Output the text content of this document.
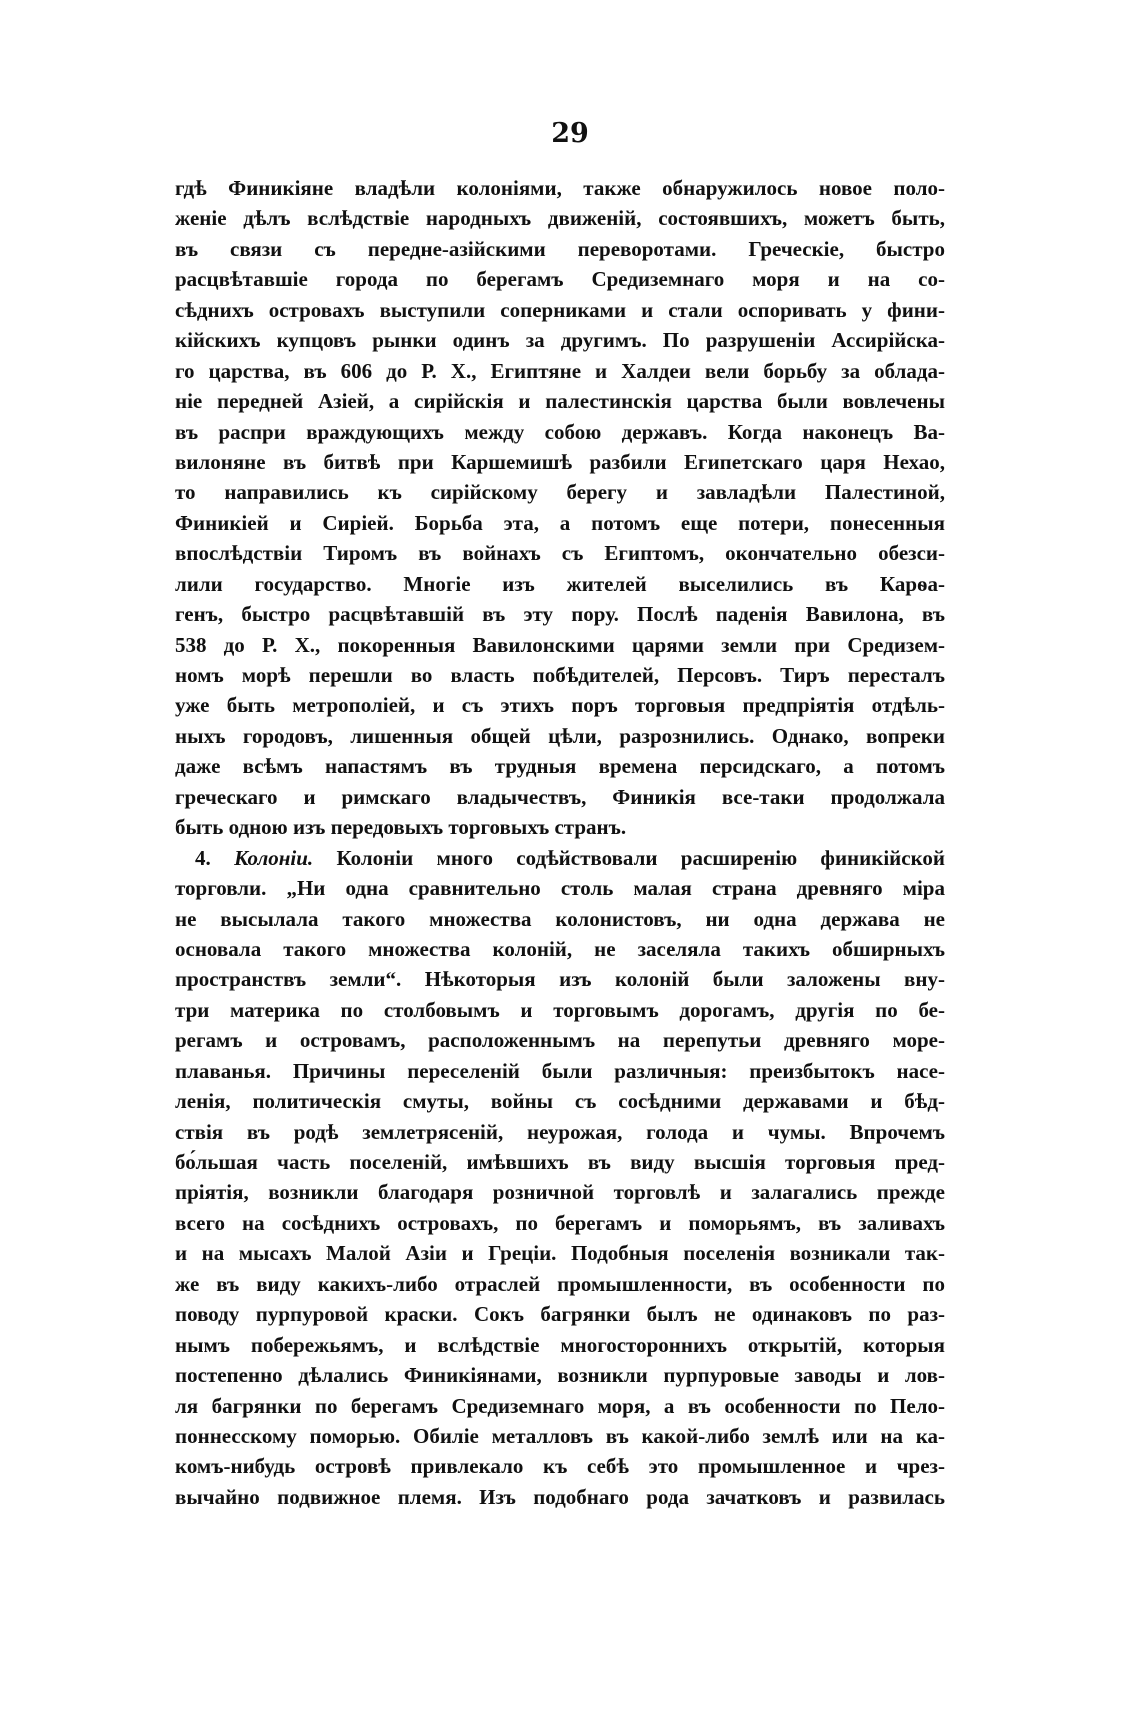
29
гдѣ Финикіяне владѣли колоніями, также обнаружилось новое поло-
женіе дѣлъ вслѣдствіе народныхъ движеній, состоявшихъ, можетъ быть,
въ связи съ передне-азійскими переворотами. Греческіе, быстро
расцвѣтавшіе города по берегамъ Средиземнаго моря и на со-
сѣднихъ островахъ выступили соперниками и стали оспоривать у фини-
кійскихъ купцовъ рынки одинъ за другимъ. По разрушеніи Ассирійска-
го царства, въ 606 до Р. Х., Египтяне и Халдеи вели борьбу за облада-
ніе передней Азіей, а сирійскія и палестинскія царства были вовлечены
въ распри враждующихъ между собою державъ. Когда наконецъ Ва-
вилоняне въ битвѣ при Каршемишѣ разбили Египетскаго царя Нехао,
то направились къ сирійскому берегу и завладѣли Палестиной,
Финикіей и Сиріей. Борьба эта, а потомъ еще потери, понесенныя
впослѣдствіи Тиромъ въ войнахъ съ Египтомъ, окончательно обезси-
лили государство. Многіе изъ жителей выселились въ Карѳа-
генъ, быстро расцвѣтавшій въ эту пору. Послѣ паденія Вавилона, въ
538 до Р. Х., покоренныя Вавилонскими царями земли при Средизем-
номъ морѣ перешли во власть побѣдителей, Персовъ. Тиръ пересталъ
уже быть метрополіей, и съ этихъ поръ торговыя предпріятія отдѣль-
ныхъ городовъ, лишенныя общей цѣли, разрознились. Однако, вопреки
даже всѣмъ напастямъ въ трудныя времена персидскаго, а потомъ
греческаго и римскаго владычествъ, Финикія все-таки продолжала
быть одною изъ передовыхъ торговыхъ странъ.
4. Колоніи. Колоніи много содѣйствовали расширенію финикійской
торговли. „Ни одна сравнительно столь малая страна древняго міра
не высылала такого множества колонистовъ, ни одна держава не
основала такого множества колоній, не заселяла такихъ обширныхъ
пространствъ земли“. Нѣкоторыя изъ колоній были заложены вну-
три материка по столбовымъ и торговымъ дорогамъ, другія по бе-
регамъ и островамъ, расположеннымъ на перепутьи древняго море-
плаванья. Причины переселеній были различныя: преизбытокъ насе-
ленія, политическія смуты, войны съ сосѣдними державами и бѣд-
ствія въ родѣ землетрясеній, неурожая, голода и чумы. Впрочемъ
бо́льшая часть поселеній, имѣвшихъ въ виду высшія торговыя пред-
пріятія, возникли благодаря розничной торговлѣ и залагались прежде
всего на сосѣднихъ островахъ, по берегамъ и поморьямъ, въ заливахъ
и на мысахъ Малой Азіи и Греціи. Подобныя поселенія возникали так-
же въ виду какихъ-либо отраслей промышленности, въ особенности по
поводу пурпуровой краски. Сокъ багрянки былъ не одинаковъ по раз-
нымъ побережьямъ, и вслѣдствіе многостороннихъ открытій, которыя
постепенно дѣлались Финикіянами, возникли пурпуровые заводы и лов-
ля багрянки по берегамъ Средиземнаго моря, а въ особенности по Пело-
поннесскому поморью. Обиліе металловъ въ какой-либо землѣ или на ка-
комъ-нибудь островѣ привлекало къ себѣ это промышленное и чрез-
вычайно подвижное племя. Изъ подобнаго рода зачатковъ и развилась
